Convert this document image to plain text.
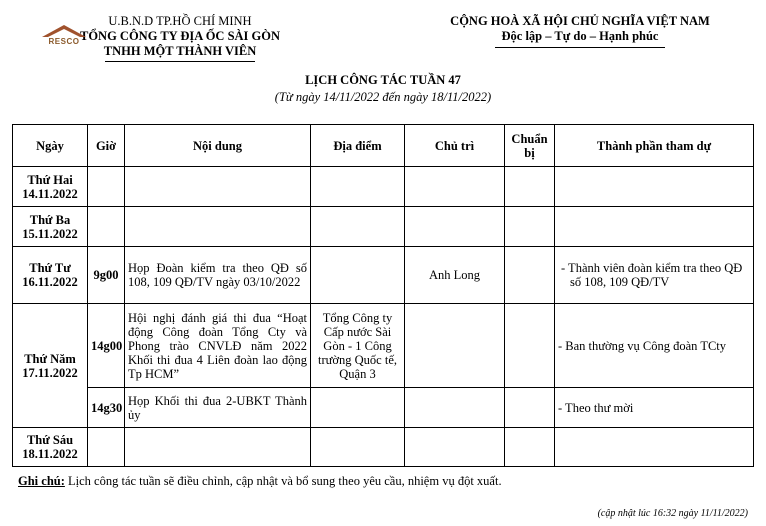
U.B.N.D TP.HỒ CHÍ MINH
TỔNG CÔNG TY ĐỊA ỐC SÀI GÒN
TNHH MỘT THÀNH VIÊN
RESCO
CỘNG HOÀ XÃ HỘI CHỦ NGHĨA VIỆT NAM
Độc lập – Tự do – Hạnh phúc
LỊCH CÔNG TÁC TUẦN 47
(Từ ngày 14/11/2022 đến ngày 18/11/2022)
Ngày	Giờ	Nội dung	Địa điểm	Chủ trì	Chuẩn bị	Thành phần tham dự

Thứ Hai
14.11.2022						

Thứ Ba
15.11.2022						

Thứ Tư
16.11.2022	9g00	Họp Đoàn kiểm tra theo QĐ số 108, 109 QĐ/TV ngày 03/10/2022		Anh Long		- Thành viên đoàn kiểm tra theo QĐ số 108, 109 QĐ/TV

Thứ Năm
17.11.2022	14g00	Hội nghị đánh giá thi đua “Hoạt động Công đoàn Tổng Cty và Phong trào CNVLĐ năm 2022 Khối thi đua 4 Liên đoàn lao động Tp HCM”	Tổng Công ty Cấp nước Sài Gòn - 1 Công trường Quốc tế, Quận 3			- Ban thường vụ Công đoàn TCty
	14g30	Họp Khối thi đua 2-UBKT Thành ủy				- Theo thư mời

Thứ Sáu
18.11.2022						

Ghi chú: Lịch công tác tuần sẽ điều chỉnh, cập nhật và bổ sung theo yêu cầu, nhiệm vụ đột xuất.
(cập nhật lúc 16:32 ngày 11/11/2022)
